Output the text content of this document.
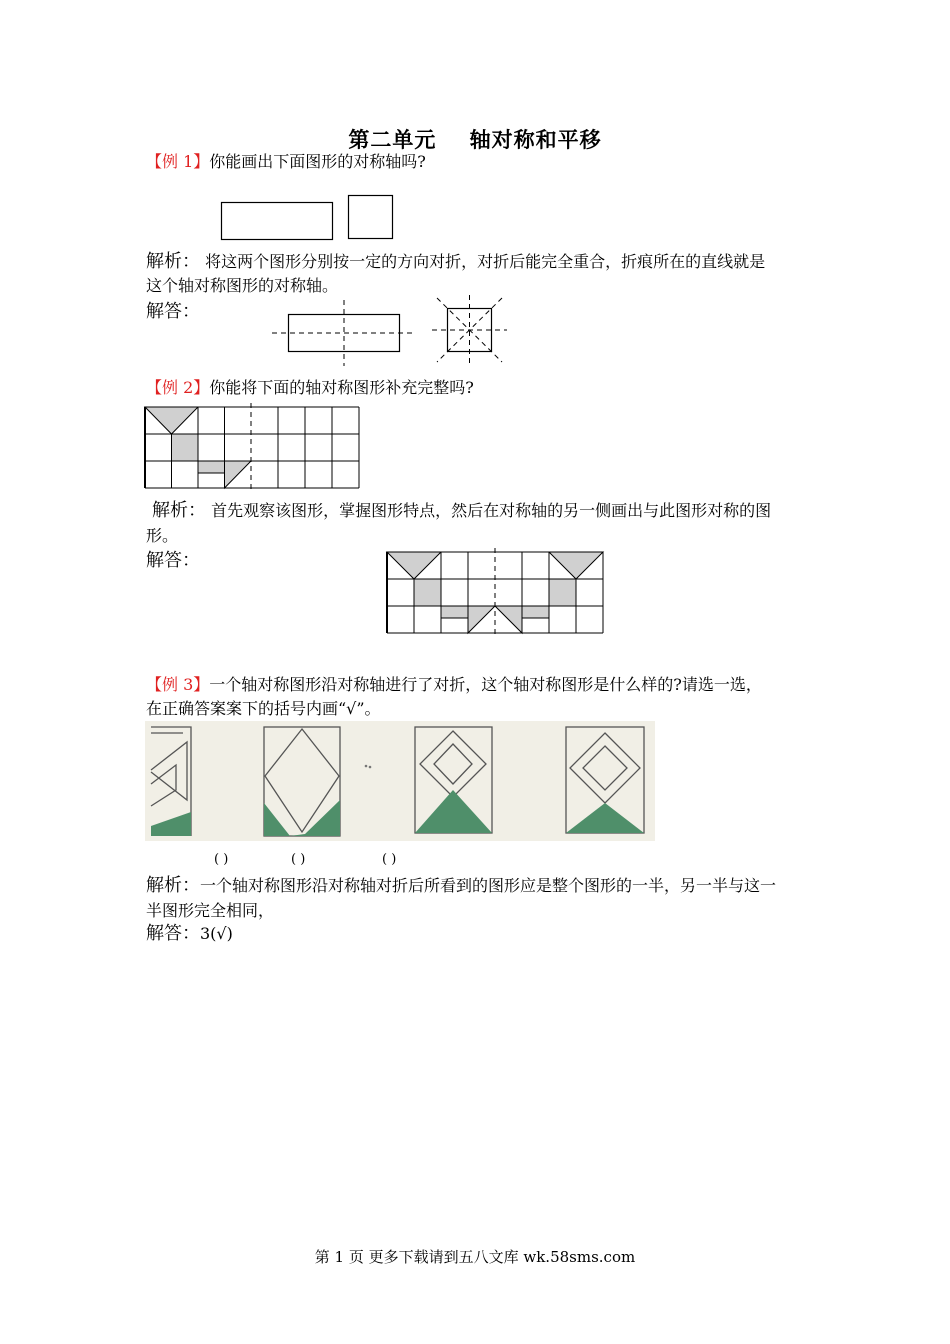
第二单元    轴对称和平移
【例 1】你能画出下面图形的对称轴吗?
解析： 将这两个图形分别按一定的方向对折，对折后能完全重合，折痕所在的直线就是
这个轴对称图形的对称轴。
解答：
【例 2】你能将下面的轴对称图形补充完整吗?
解析： 首先观察该图形，掌握图形特点，然后在对称轴的另一侧画出与此图形对称的图
形。
解答：
【例 3】一个轴对称图形沿对称轴进行了对折，这个轴对称图形是什么样的?请选一选，
在正确答案案下的括号内画“√”。
( )	( )	( )
解析：一个轴对称图形沿对称轴对折后所看到的图形应是整个图形的一半，另一半与这一
半图形完全相同，
解答：3(√)
第 1 页 更多下载请到五八文库 wk.58sms.com
